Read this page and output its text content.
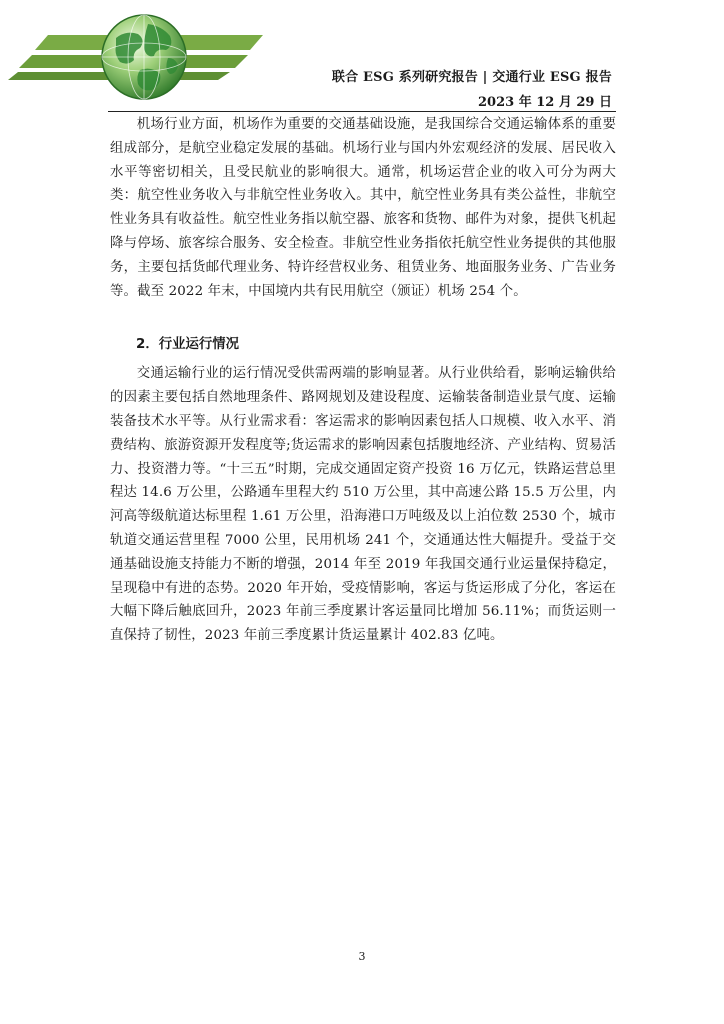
联合 ESG 系列研究报告 | 交通行业 ESG 报告
2023 年 12 月 29 日

机场行业方面，机场作为重要的交通基础设施，是我国综合交通运输体系的重要组成部分，是航空业稳定发展的基础。机场行业与国内外宏观经济的发展、居民收入水平等密切相关，且受民航业的影响很大。通常，机场运营企业的收入可分为两大类：航空性业务收入与非航空性业务收入。其中，航空性业务具有类公益性，非航空性业务具有收益性。航空性业务指以航空器、旅客和货物、邮件为对象，提供飞机起降与停场、旅客综合服务、安全检查。非航空性业务指依托航空性业务提供的其他服务，主要包括货邮代理业务、特许经营权业务、租赁业务、地面服务业务、广告业务等。截至 2022 年末，中国境内共有民用航空（颁证）机场 254 个。

2．行业运行情况

交通运输行业的运行情况受供需两端的影响显著。从行业供给看，影响运输供给的因素主要包括自然地理条件、路网规划及建设程度、运输装备制造业景气度、运输装备技术水平等。从行业需求看：客运需求的影响因素包括人口规模、收入水平、消费结构、旅游资源开发程度等;货运需求的影响因素包括腹地经济、产业结构、贸易活力、投资潜力等。“十三五”时期，完成交通固定资产投资 16 万亿元，铁路运营总里程达 14.6 万公里，公路通车里程大约 510 万公里，其中高速公路 15.5 万公里，内河高等级航道达标里程 1.61 万公里，沿海港口万吨级及以上泊位数 2530 个，城市轨道交通运营里程 7000 公里，民用机场 241 个，交通通达性大幅提升。受益于交通基础设施支持能力不断的增强，2014 年至 2019 年我国交通行业运量保持稳定，呈现稳中有进的态势。2020 年开始，受疫情影响，客运与货运形成了分化，客运在大幅下降后触底回升，2023 年前三季度累计客运量同比增加 56.11%；而货运则一直保持了韧性，2023 年前三季度累计货运量累计 402.83 亿吨。

3
